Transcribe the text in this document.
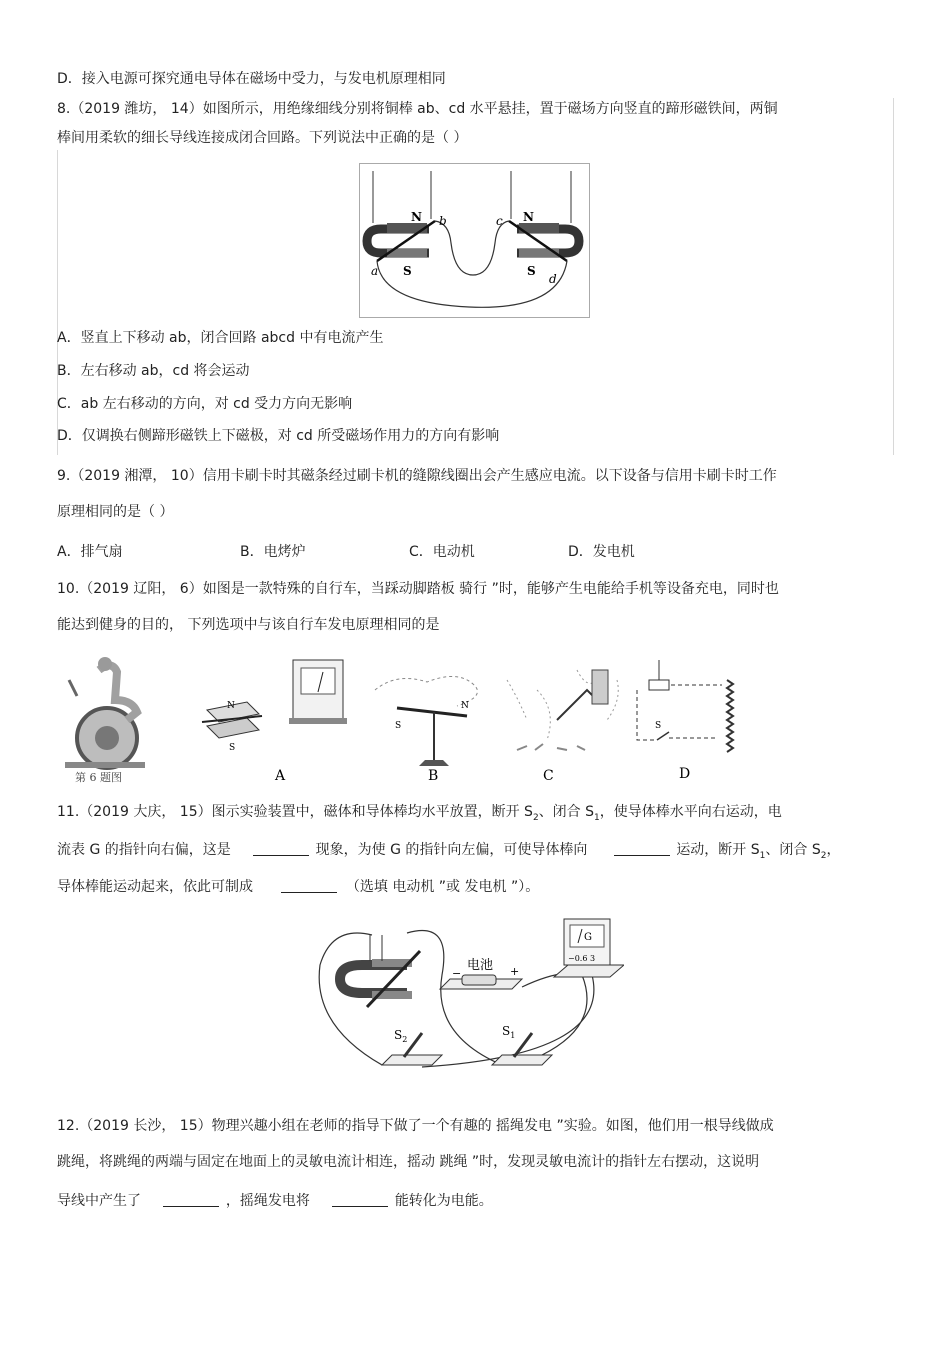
D．接入电源可探究通电导体在磁场中受力，与发电机原理相同
8.（2019 潍坊， 14）如图所示，用绝缘细线分别将铜棒 ab、cd 水平悬挂，置于磁场方向竖直的蹄形磁铁间，两铜
棒间用柔软的细长导线连接成闭合回路。下列说法中正确的是（ ）
N b	c N
a S	S
d
A．竖直上下移动 ab，闭合回路 abcd 中有电流产生
B．左右移动 ab，cd 将会运动
C．ab 左右移动的方向，对 cd 受力方向无影响
D．仅调换右侧蹄形磁铁上下磁极，对 cd 所受磁场作用力的方向有影响
9.（2019 湘潭， 10）信用卡刷卡时其磁条经过刷卡机的缝隙线圈出会产生感应电流。以下设备与信用卡刷卡时工作
原理相同的是（ ）
A．排气扇	B．电烤炉	C．电动机	D．发电机
10.（2019 辽阳， 6）如图是一款特殊的自行车，当踩动脚踏板 骑行 ”时，能够产生电能给手机等设备充电，同时也
能达到健身的目的， 下列选项中与该自行车发电原理相同的是
第 6 题图
N
S
A
S
N
B	C
S
D
11.（2019 大庆， 15）图示实验装置中，磁体和导体棒均水平放置，断开 $S_2$、闭合 $S_1$，使导体棒水平向右运动，电
流表 G 的指针向右偏，这是	现象，为使 G 的指针向左偏，可使导体棒向	运动，断开 $S_1$、闭合 $S_2$，
导体棒能运动起来，依此可制成	（选填 电动机 ”或 发电机 ”）。
电池
−	+
G
−0.6 3
$S_2$
$S_1$
12.（2019 长沙， 15）物理兴趣小组在老师的指导下做了一个有趣的 摇绳发电 ”实验。如图，他们用一根导线做成
跳绳，将跳绳的两端与固定在地面上的灵敏电流计相连，摇动 跳绳 ”时，发现灵敏电流计的指针左右摆动，这说明
导线中产生了	，摇绳发电将	能转化为电能。
